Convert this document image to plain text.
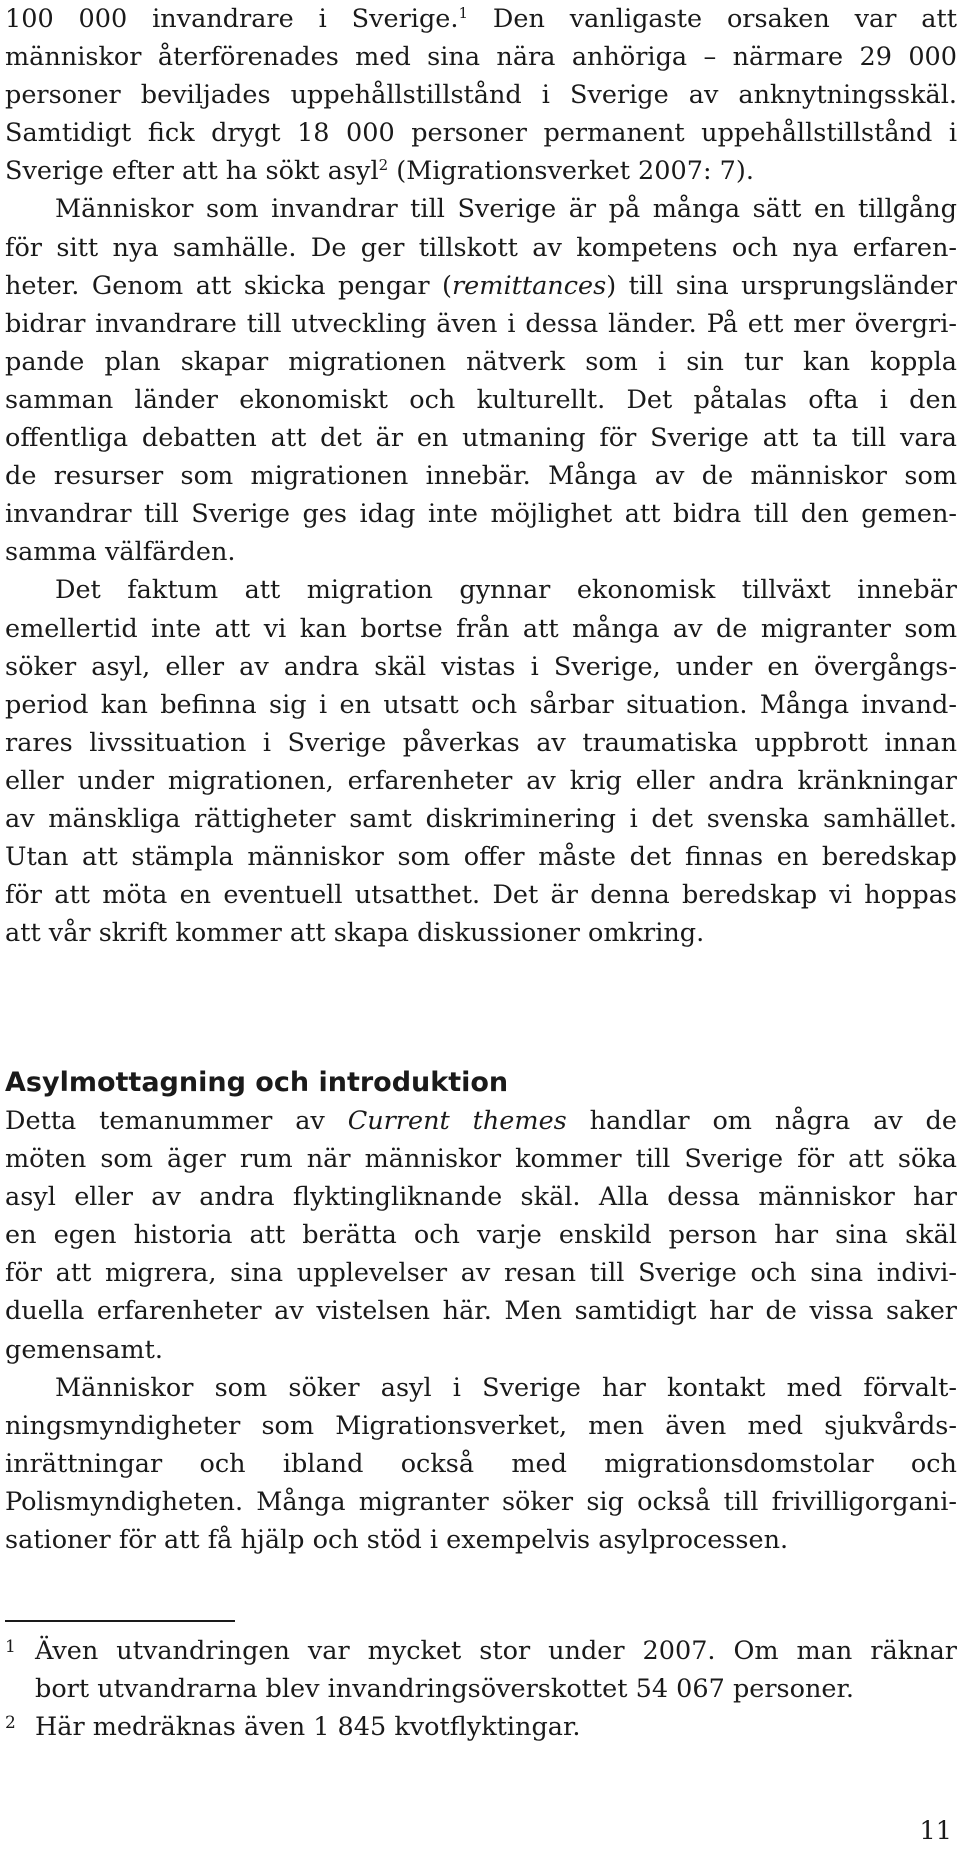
100 000 invandrare i Sverige.$^1$ Den vanligaste orsaken var att
människor återförenades med sina nära anhöriga – närmare 29 000
personer beviljades uppehållstillstånd i Sverige av anknytningsskäl.
Samtidigt fick drygt 18 000 personer permanent uppehållstillstånd i
Sverige efter att ha sökt asyl$^2$ (Migrationsverket 2007: 7).

Människor som invandrar till Sverige är på många sätt en tillgång

för sitt nya samhälle. De ger tillskott av kompetens och nya erfaren-
heter. Genom att skicka pengar (remittances) till sina ursprungsländer
bidrar invandrare till utveckling även i dessa länder. På ett mer övergri-
pande plan skapar migrationen nätverk som i sin tur kan koppla
samman länder ekonomiskt och kulturellt. Det påtalas ofta i den
offentliga debatten att det är en utmaning för Sverige att ta till vara
de resurser som migrationen innebär. Många av de människor som
invandrar till Sverige ges idag inte möjlighet att bidra till den gemen-
samma välfärden.

Det faktum att migration gynnar ekonomisk tillväxt innebär

emellertid inte att vi kan bortse från att många av de migranter som
söker asyl, eller av andra skäl vistas i Sverige, under en övergångs-
period kan befinna sig i en utsatt och sårbar situation. Många invand-
rares livssituation i Sverige påverkas av traumatiska uppbrott innan
eller under migrationen, erfarenheter av krig eller andra kränkningar
av mänskliga rättigheter samt diskriminering i det svenska samhället.
Utan att stämpla människor som offer måste det finnas en beredskap
för att möta en eventuell utsatthet. Det är denna beredskap vi hoppas
att vår skrift kommer att skapa diskussioner omkring.

Asylmottagning och introduktion

Detta temanummer av Current themes handlar om några av de
möten som äger rum när människor kommer till Sverige för att söka
asyl eller av andra flyktingliknande skäl. Alla dessa människor har
en egen historia att berätta och varje enskild person har sina skäl
för att migrera, sina upplevelser av resan till Sverige och sina indivi-
duella erfarenheter av vistelsen här. Men samtidigt har de vissa saker
gemensamt.

Människor som söker asyl i Sverige har kontakt med förvalt-

ningsmyndigheter som Migrationsverket, men även med sjukvårds-
inrättningar och ibland också med migrationsdomstolar och
Polismyndigheten. Många migranter söker sig också till frivilligorgani-
sationer för att få hjälp och stöd i exempelvis asylprocessen.

1 Även utvandringen var mycket stor under 2007. Om man räknar
bort utvandrarna blev invandringsöverskottet 54 067 personer.
2 Här medräknas även 1 845 kvotflyktingar.
11
